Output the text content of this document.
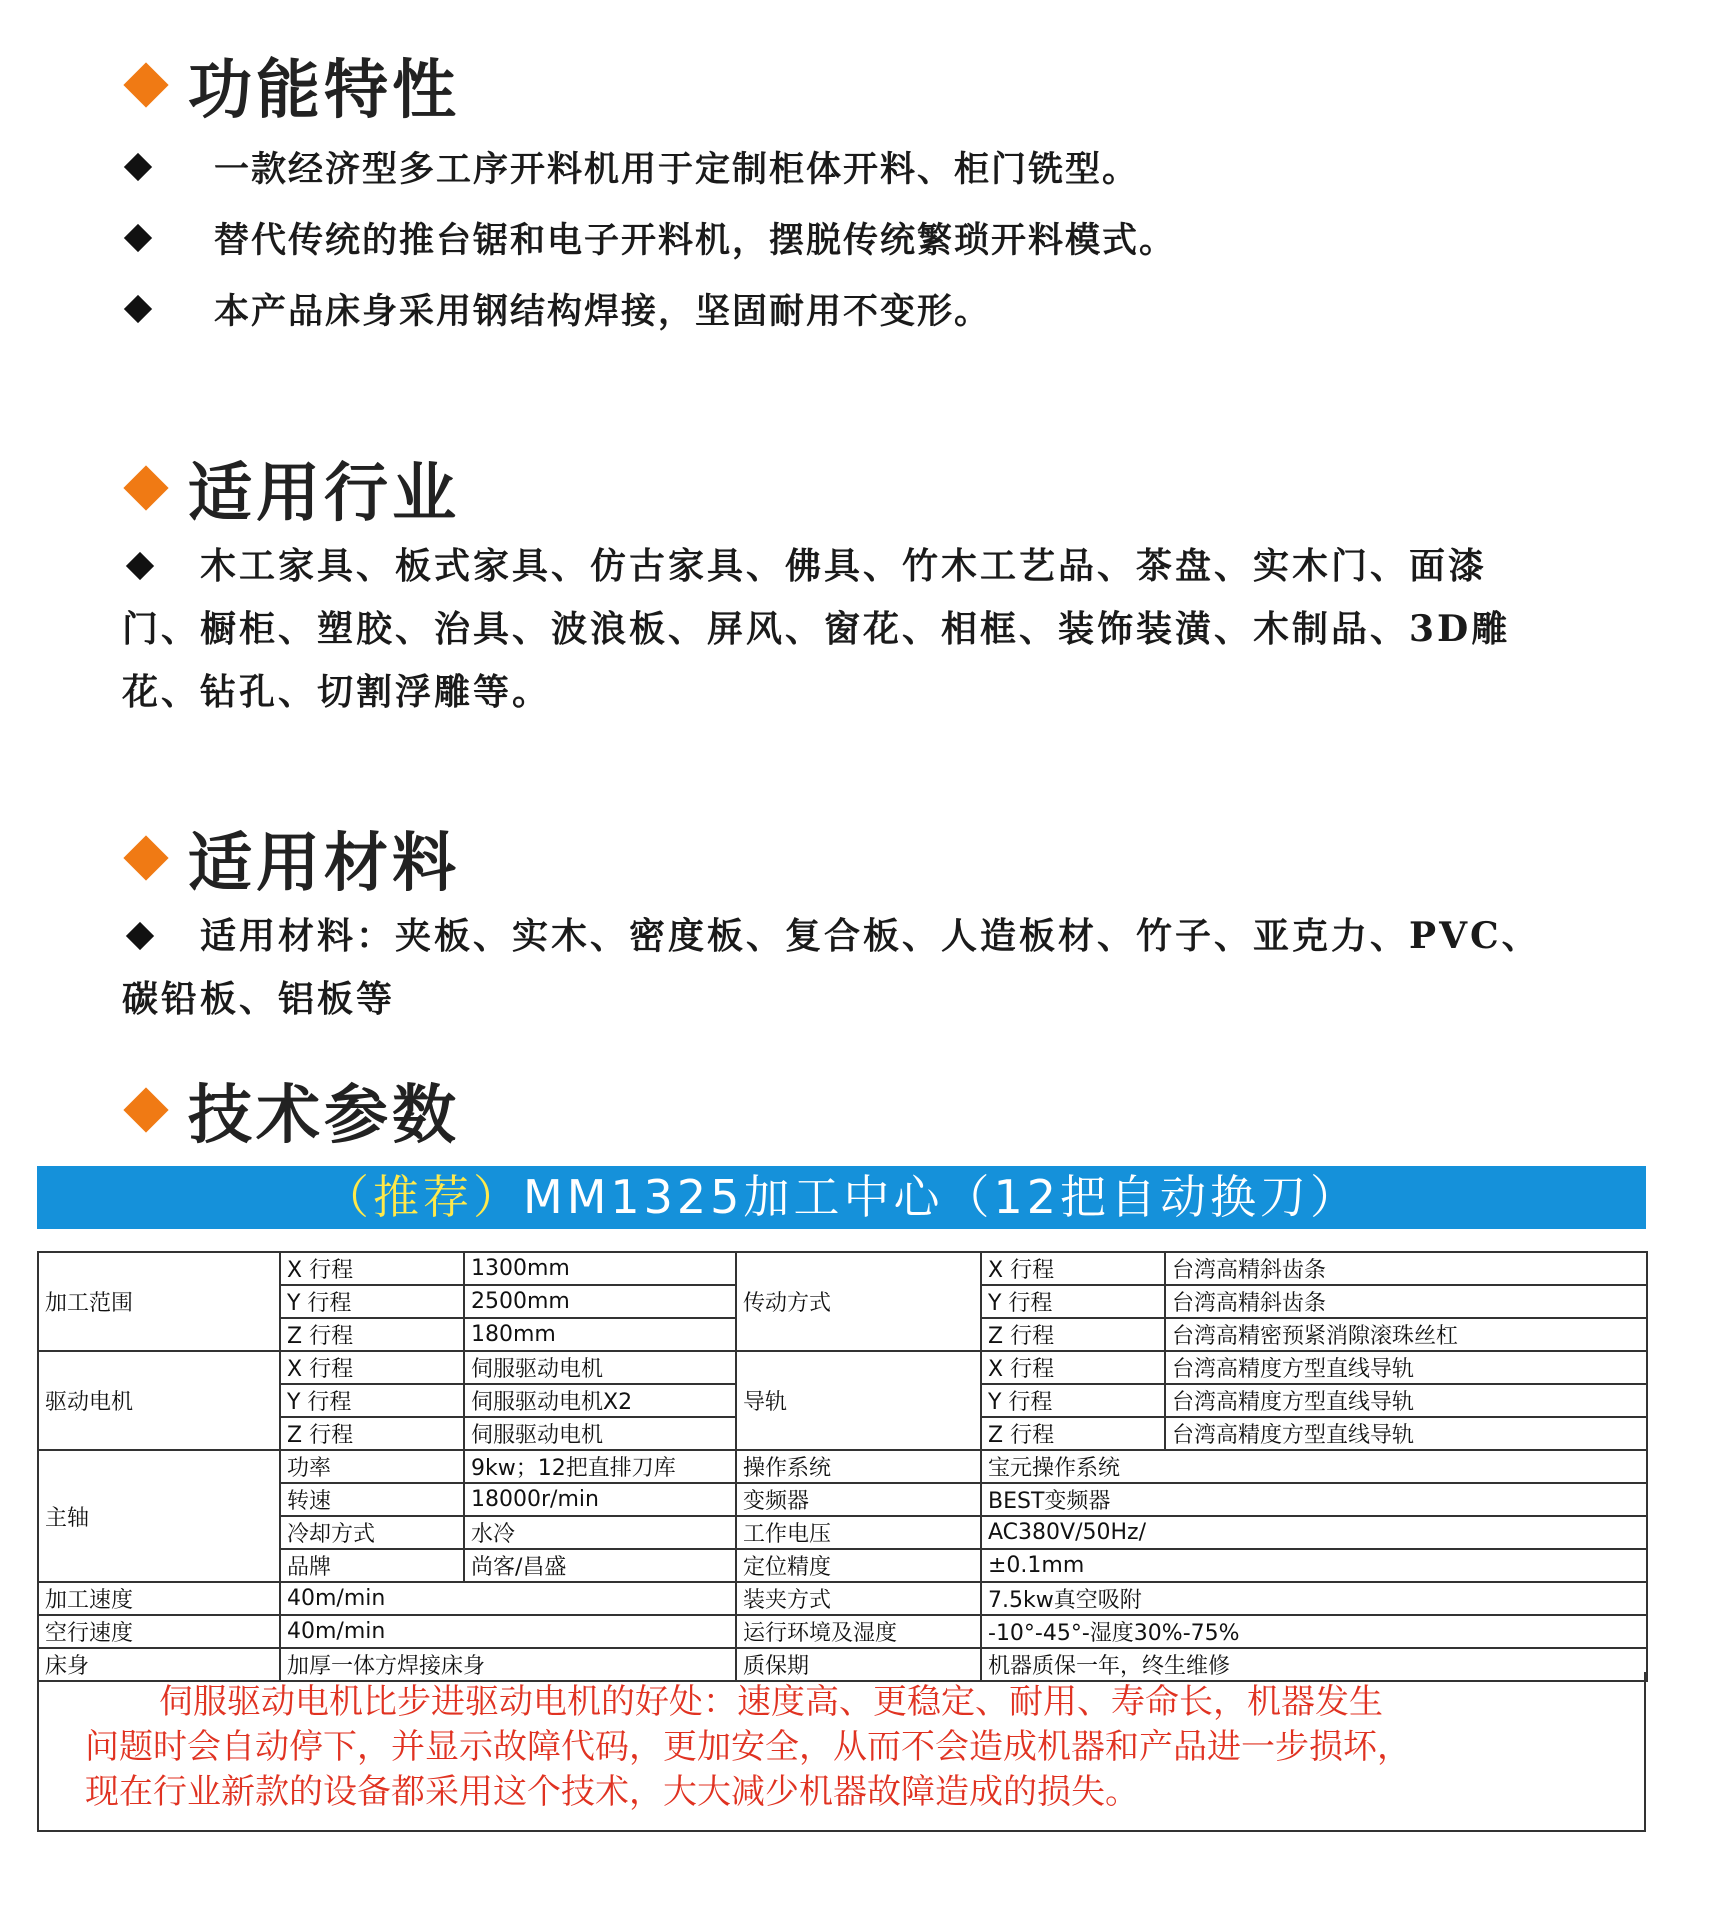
功能特性
一款经济型多工序开料机用于定制柜体开料、柜门铣型。
替代传统的推台锯和电子开料机，摆脱传统繁琐开料模式。
本产品床身采用钢结构焊接，坚固耐用不变形。
适用行业
木工家具、板式家具、仿古家具、佛具、竹木工艺品、茶盘、实木门、面漆门、橱柜、塑胶、治具、波浪板、屏风、窗花、相框、装饰装潢、木制品、3D雕花、钻孔、切割浮雕等。
适用材料
适用材料：夹板、实木、密度板、复合板、人造板材、竹子、亚克力、PVC、碳铅板、铝板等
技术参数
（推荐）MM1325加工中心（12把自动换刀）
加工范围	X 行程	1300mm	传动方式	X 行程	台湾高精斜齿条
	Y 行程	2500mm		Y 行程	台湾高精斜齿条
	Z 行程	180mm		Z 行程	台湾高精密预紧消隙滚珠丝杠
驱动电机	X 行程	伺服驱动电机	导轨	X 行程	台湾高精度方型直线导轨
	Y 行程	伺服驱动电机X2		Y 行程	台湾高精度方型直线导轨
	Z 行程	伺服驱动电机		Z 行程	台湾高精度方型直线导轨
主轴	功率	9kw；12把直排刀库	操作系统	宝元操作系统	
	转速	18000r/min	变频器	BEST变频器	
	冷却方式	水冷	工作电压	AC380V/50Hz/	
	品牌	尚客/昌盛	定位精度	±0.1mm	
加工速度	40m/min		装夹方式	7.5kw真空吸附	
空行速度	40m/min		运行环境及湿度	-10°-45°-湿度30%-75%	
床身	加厚一体方焊接床身		质保期	机器质保一年，终生维修	
伺服驱动电机比步进驱动电机的好处：速度高、更稳定、耐用、寿命长，机器发生
问题时会自动停下，并显示故障代码，更加安全，从而不会造成机器和产品进一步损坏，
现在行业新款的设备都采用这个技术，大大减少机器故障造成的损失。
